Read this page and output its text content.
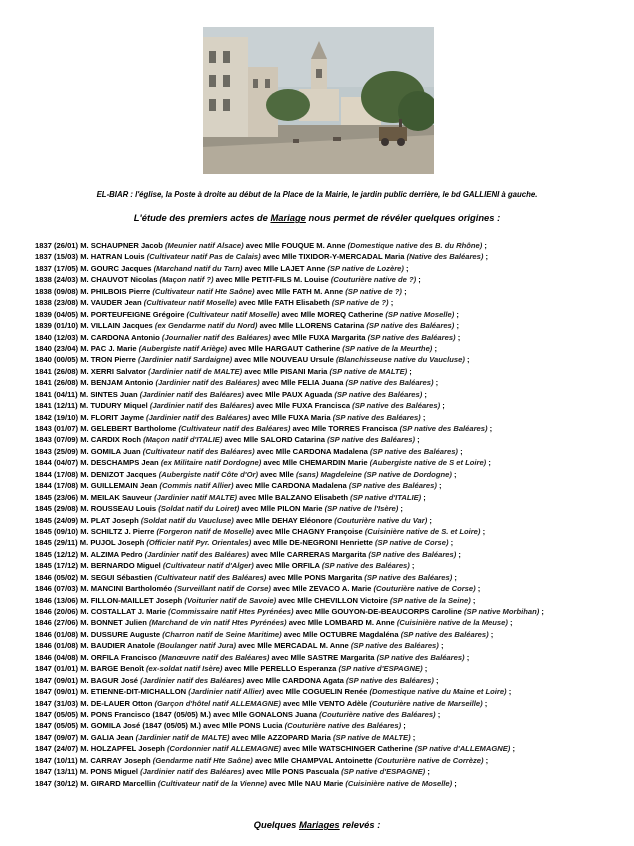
EL-BIAR : l'église, la Poste à droite au début de la Place de la Mairie, le jardin public derrière, le bd GALLIENI à gauche.
L'étude des premiers actes de Mariage nous permet de révéler quelques origines :
1837 (26/01) M. SCHAUPNER Jacob (Meunier natif Alsace) avec Mlle FOUQUE M. Anne (Domestique native des B. du Rhône) ;
1837 (15/03) M. HATRAN Louis (Cultivateur natif Pas de Calais) avec Mlle TIXIDOR-Y-MERCADAL Maria (Native des Baléares) ;
1837 (17/05) M. GOURC Jacques (Marchand natif du Tarn) avec Mlle LAJET Anne (SP native de Lozère) ;
1838 (24/03) M. CHAUVOT Nicolas (Maçon natif ?) avec Mlle PETIT-FILS M. Louise (Couturière native de ?) ;
1838 (09/08) M. PHILBOIS Pierre (Cultivateur natif Hte Saône) avec Mlle FATH M. Anne (SP native de ?) ;
1838 (23/08) M. VAUDER Jean (Cultivateur natif Moselle) avec Mlle FATH Elisabeth (SP native de ?) ;
1839 (04/05) M. PORTEUFEIGNE Grégoire (Cultivateur natif Moselle) avec Mlle MOREQ Catherine (SP native Moselle) ;
1839 (01/10) M. VILLAIN Jacques (ex Gendarme natif du Nord) avec Mlle LLORENS Catarina (SP native des Baléares) ;
1840 (12/03) M. CARDONA Antonio (Journalier natif des Baléares) avec Mlle FUXA Margarita (SP native des Baléares) ;
1840 (23/04) M. PAC J. Marie (Aubergiste natif Ariège) avec Mlle HARGAUT Catherine (SP native de la Meurthe) ;
1840 (00/05) M. TRON Pierre (Jardinier natif Sardaigne) avec Mlle NOUVEAU Ursule (Blanchisseuse native du Vaucluse) ;
1841 (26/08) M. XERRI Salvator (Jardinier natif de MALTE) avec Mlle PISANI Maria (SP native de MALTE) ;
1841 (26/08) M. BENJAM Antonio (Jardinier natif des Baléares) avec Mlle FELIA Juana (SP native des Baléares) ;
1841 (04/11) M. SINTES Juan (Jardinier natif des Baléares) avec Mlle PAUX Aguada (SP native des Baléares) ;
1841 (12/11) M. TUDURY Miquel (Jardinier natif des Baléares) avec Mlle FUXA Francisca (SP native des Baléares) ;
1842 (19/10) M. FLORIT Jayme (Jardinier natif des Baléares) avec Mlle FUXA Maria (SP native des Baléares) ;
1843 (01/07) M. GELEBERT Bartholome (Cultivateur natif des Baléares) avec Mlle TORRES Francisca (SP native des Baléares) ;
1843 (07/09) M. CARDIX Roch (Maçon natif d'ITALIE) avec Mlle SALORD Catarina (SP native des Baléares) ;
1843 (25/09) M. GOMILA Juan (Cultivateur natif des Baléares) avec Mlle CARDONA Madalena (SP native des Baléares) ;
1844 (04/07) M. DESCHAMPS Jean (ex Militaire natif Dordogne) avec Mlle CHEMARDIN Marie (Aubergiste native de S et Loire) ;
1844 (17/08) M. DENIZOT Jacques (Aubergiste natif Côte d'Or) avec Mlle (sans) Magdeleine (SP native de Dordogne) ;
1844 (17/08) M. GUILLEMAIN Jean (Commis natif Allier) avec Mlle CARDONA Madalena (SP native des Baléares) ;
1845 (23/06) M. MEILAK Sauveur (Jardinier natif MALTE) avec Mlle BALZANO Elisabeth (SP native d'ITALIE) ;
1845 (29/08) M. ROUSSEAU Louis (Soldat natif du Loiret) avec Mlle PILON Marie (SP native de l'Isère) ;
1845 (24/09) M. PLAT Joseph (Soldat natif du Vaucluse) avec Mlle DEHAY Eléonore (Couturière native du Var) ;
1845 (09/10) M. SCHILTZ J. Pierre (Forgeron natif de Moselle) avec Mlle CHAGNY Françoise (Cuisinière native de S. et Loire) ;
1845 (29/11) M. PUJOL Joseph (Officier natif Pyr. Orientales) avec Mlle DE-NEGRONI Henriette (SP native de Corse) ;
1845 (12/12) M. ALZIMA Pedro (Jardinier natif des Baléares) avec Mlle CARRERAS Margarita (SP native des Baléares) ;
1845 (17/12) M. BERNARDO Miguel (Cultivateur natif d'Alger) avec Mlle ORFILA (SP native des Baléares) ;
1846 (05/02) M. SEGUI Sébastien (Cultivateur natif des Baléares) avec Mlle PONS Margarita (SP native des Baléares) ;
1846 (07/03) M. MANCINI Bartholoméo (Surveillant natif de Corse) avec Mlle ZEVACO A. Marie (Couturière native de Corse) ;
1846 (13/06) M. FILLON-MAILLET Joseph (Voiturier natif de Savoie) avec Mlle CHEVILLON Victoire (SP native de la Seine) ;
1846 (20/06) M. COSTALLAT J. Marie (Commissaire natif Htes Pyrénées) avec Mlle GOUYON-DE-BEAUCORPS Caroline (SP native Morbihan) ;
1846 (27/06) M. BONNET Julien (Marchand de vin natif Htes Pyrénées) avec Mlle LOMBARD M. Anne (Cuisinière native de la Meuse) ;
1846 (01/08) M. DUSSURE Auguste (Charron natif de Seine Maritime) avec Mlle OCTUBRE Magdaléna (SP native des Baléares) ;
1846 (01/08) M. BAUDIER Anatole (Boulanger natif Jura) avec Mlle MERCADAL M. Anne (SP native des Baléares) ;
1846 (04/08) M. ORFILA Francisco (Manœuvre natif des Baléares) avec Mlle SASTRE Margarita (SP native des Baléares) ;
1847 (01/01) M. BARGE Benoît (ex-soldat natif Isère) avec Mlle PERELLO Esperanza (SP native d'ESPAGNE) ;
1847 (09/01) M. BAGUR José (Jardinier natif des Baléares) avec Mlle CARDONA Agata (SP native des Baléares) ;
1847 (09/01) M. ETIENNE-DIT-MICHALLON (Jardinier natif Allier) avec Mlle COGUELIN Renée (Domestique native du Maine et Loire) ;
1847 (31/03) M. DE-LAUER Otton (Garçon d'hôtel natif ALLEMAGNE) avec Mlle VENTO Adèle (Couturière native de Marseille) ;
1847 (05/05) M. PONS Francisco (1847 (05/05) M.) avec Mlle GONALONS Juana (Couturière native des Baléares) ;
1847 (05/05) M. GOMILA José (1847 (05/05) M.) avec Mlle PONS Lucia (Couturière native des Baléares) ;
1847 (09/07) M. GALIA Jean (Jardinier natif de MALTE) avec Mlle AZZOPARD Maria (SP native de MALTE) ;
1847 (24/07) M. HOLZAPFEL Joseph (Cordonnier natif ALLEMAGNE) avec Mlle WATSCHINGER Catherine (SP native d'ALLEMAGNE) ;
1847 (10/11) M. CARRAY Joseph (Gendarme natif Hte Saône) avec Mlle CHAMPVAL Antoinette (Couturière native de Corrèze) ;
1847 (13/11) M. PONS Miguel (Jardinier natif des Baléares) avec Mlle PONS Pascuala (SP native d'ESPAGNE) ;
1847 (30/12) M. GIRARD Marcellin (Cultivateur natif de la Vienne) avec Mlle NAU Marie (Cuisinière native de Moselle) ;
Quelques Mariages relevés :
